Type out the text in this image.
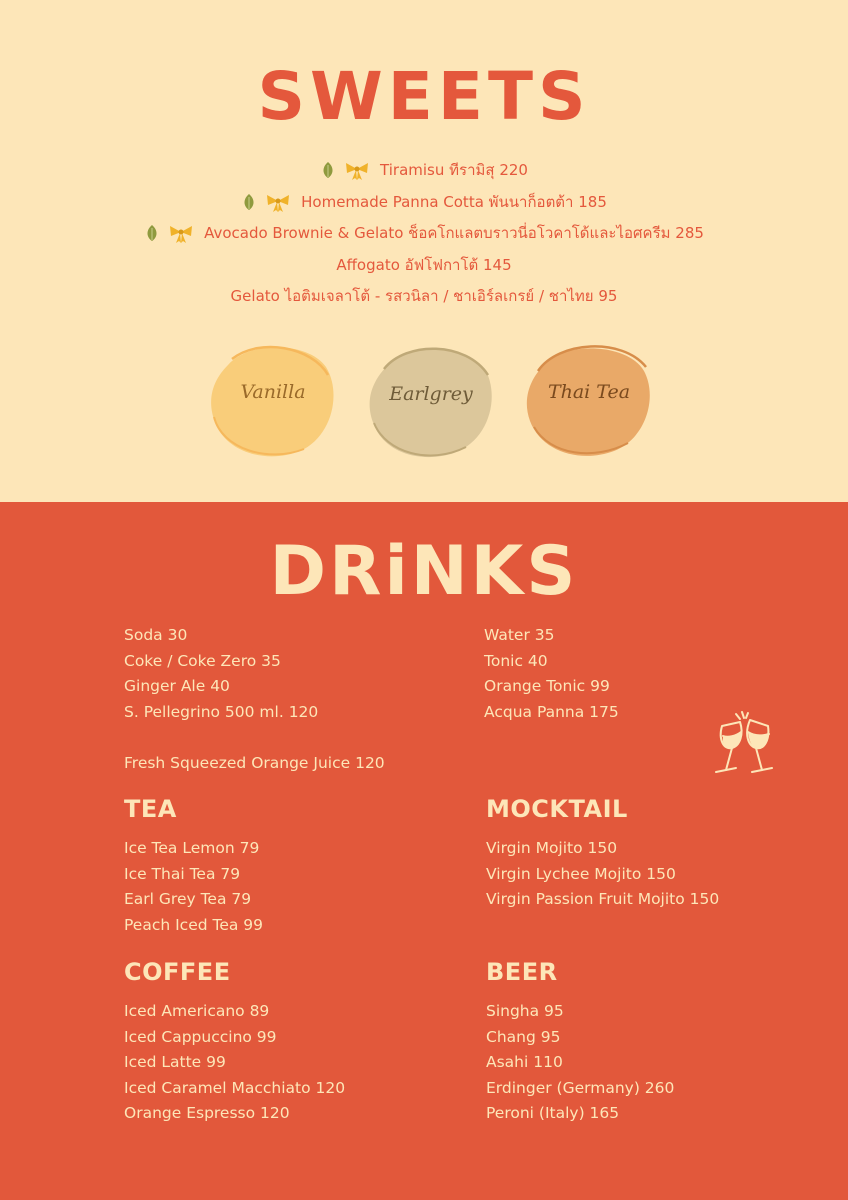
SWEETS
Tiramisu ทีรามิสุ 220
Homemade Panna Cotta พันนาก็อตต้า 185
Avocado Brownie & Gelato ช็อคโกแลตบราวนี่อโวคาโด้และไอศครีม 285
Affogato อัฟโฟกาโต้ 145
Gelato ไอติมเจลาโต้ - รสวนิลา / ชาเอิร์ลเกรย์ / ชาไทย 95
Vanilla	Earlgrey	Thai Tea
DRiNKS
Soda 30
Coke / Coke Zero 35
Ginger Ale 40
S. Pellegrino 500 ml. 120
Water 35
Tonic 40
Orange Tonic 99
Acqua Panna 175
Fresh Squeezed Orange Juice 120
TEA
Ice Tea Lemon 79
Ice Thai Tea 79
Earl Grey Tea 79
Peach Iced Tea 99
MOCKTAIL
Virgin Mojito 150
Virgin Lychee Mojito 150
Virgin Passion Fruit Mojito 150
COFFEE
Iced Americano 89
Iced Cappuccino 99
Iced Latte 99
Iced Caramel Macchiato 120
Orange Espresso 120
BEER
Singha 95
Chang 95
Asahi 110
Erdinger (Germany) 260
Peroni (Italy) 165
